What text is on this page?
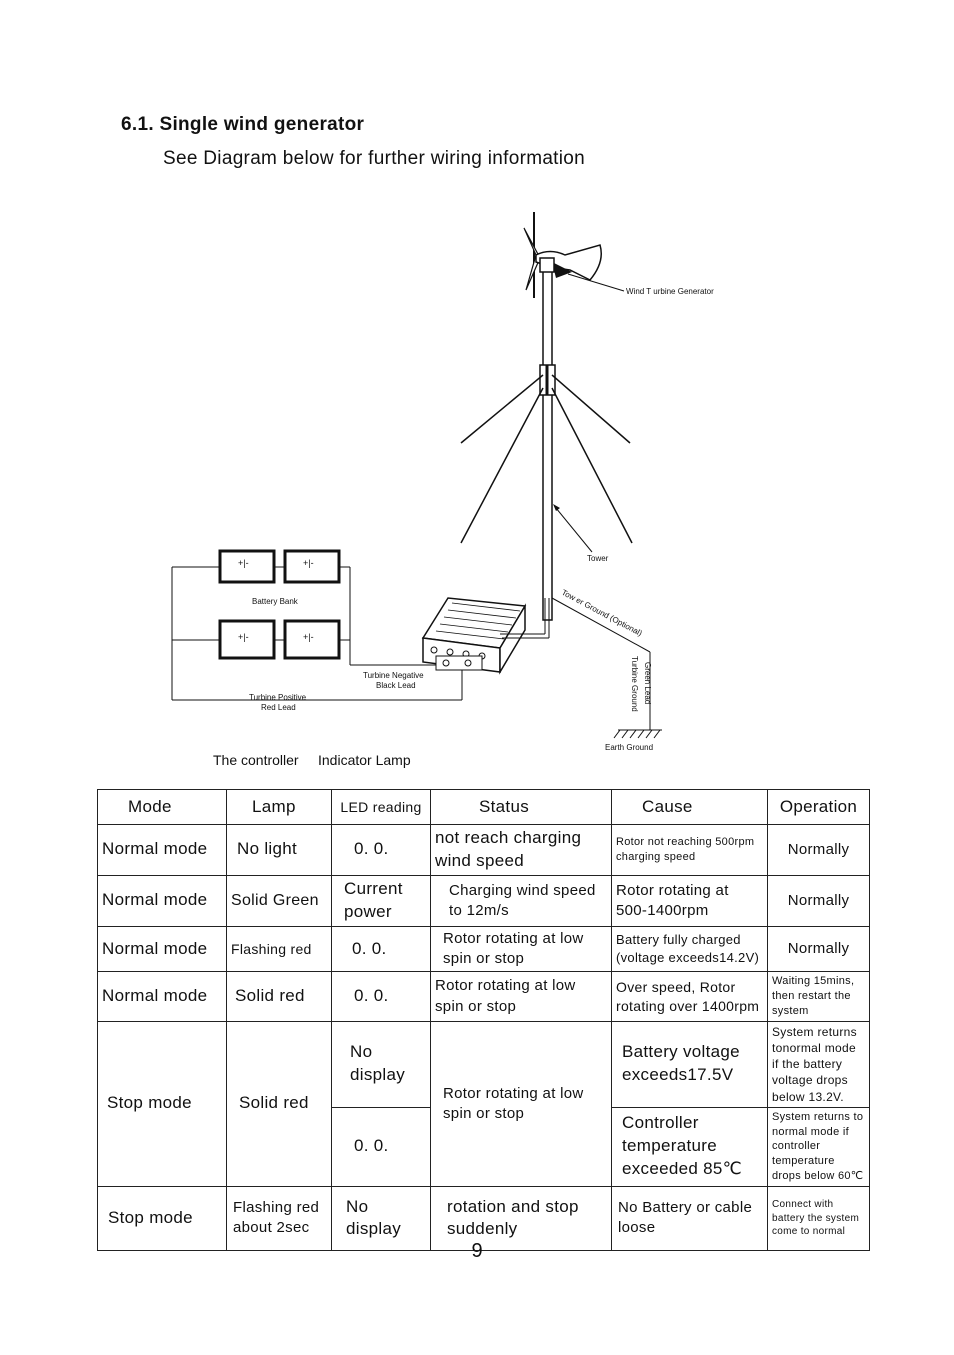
6.1. Single wind generator
See Diagram below for further wiring information
Wind T urbine Generator
Tower
+|-	+|-
+|-	+|-
Battery Bank
Turbine Negative
Black Lead
Turbine Positive
Red Lead
Tow er Ground (Optional)
Green Lead
Turbine Ground
Earth Ground
The controller Indicator Lamp
Mode	Lamp	LED reading	Status	Cause	Operation
Normal mode	No light	0. 0.	not reach charging wind speed	Rotor not reaching 500rpm charging speed	Normally
Normal mode	Solid Green	Current power	Charging wind speed to 12m/s	Rotor rotating at 500-1400rpm	Normally
Normal mode	Flashing red	0. 0.	Rotor rotating at low spin or stop	Battery fully charged (voltage exceeds14.2V)	Normally
Normal mode	Solid red	0. 0.	Rotor rotating at low spin or stop	Over speed, Rotor rotating over 1400rpm	Waiting 15mins, then restart the system
Stop mode	Solid red	No display	Rotor rotating at low spin or stop	Battery voltage exceeds17.5V	System returns tonormal mode if the battery voltage drops below 13.2V.
		0. 0.		Controller temperature exceeded 85℃	System returns to normal mode if controller temperature drops below 60℃
Stop mode	Flashing red about 2sec	No display	rotation and stop suddenly	No Battery or cable loose	Connect with battery the system come to normal
9
